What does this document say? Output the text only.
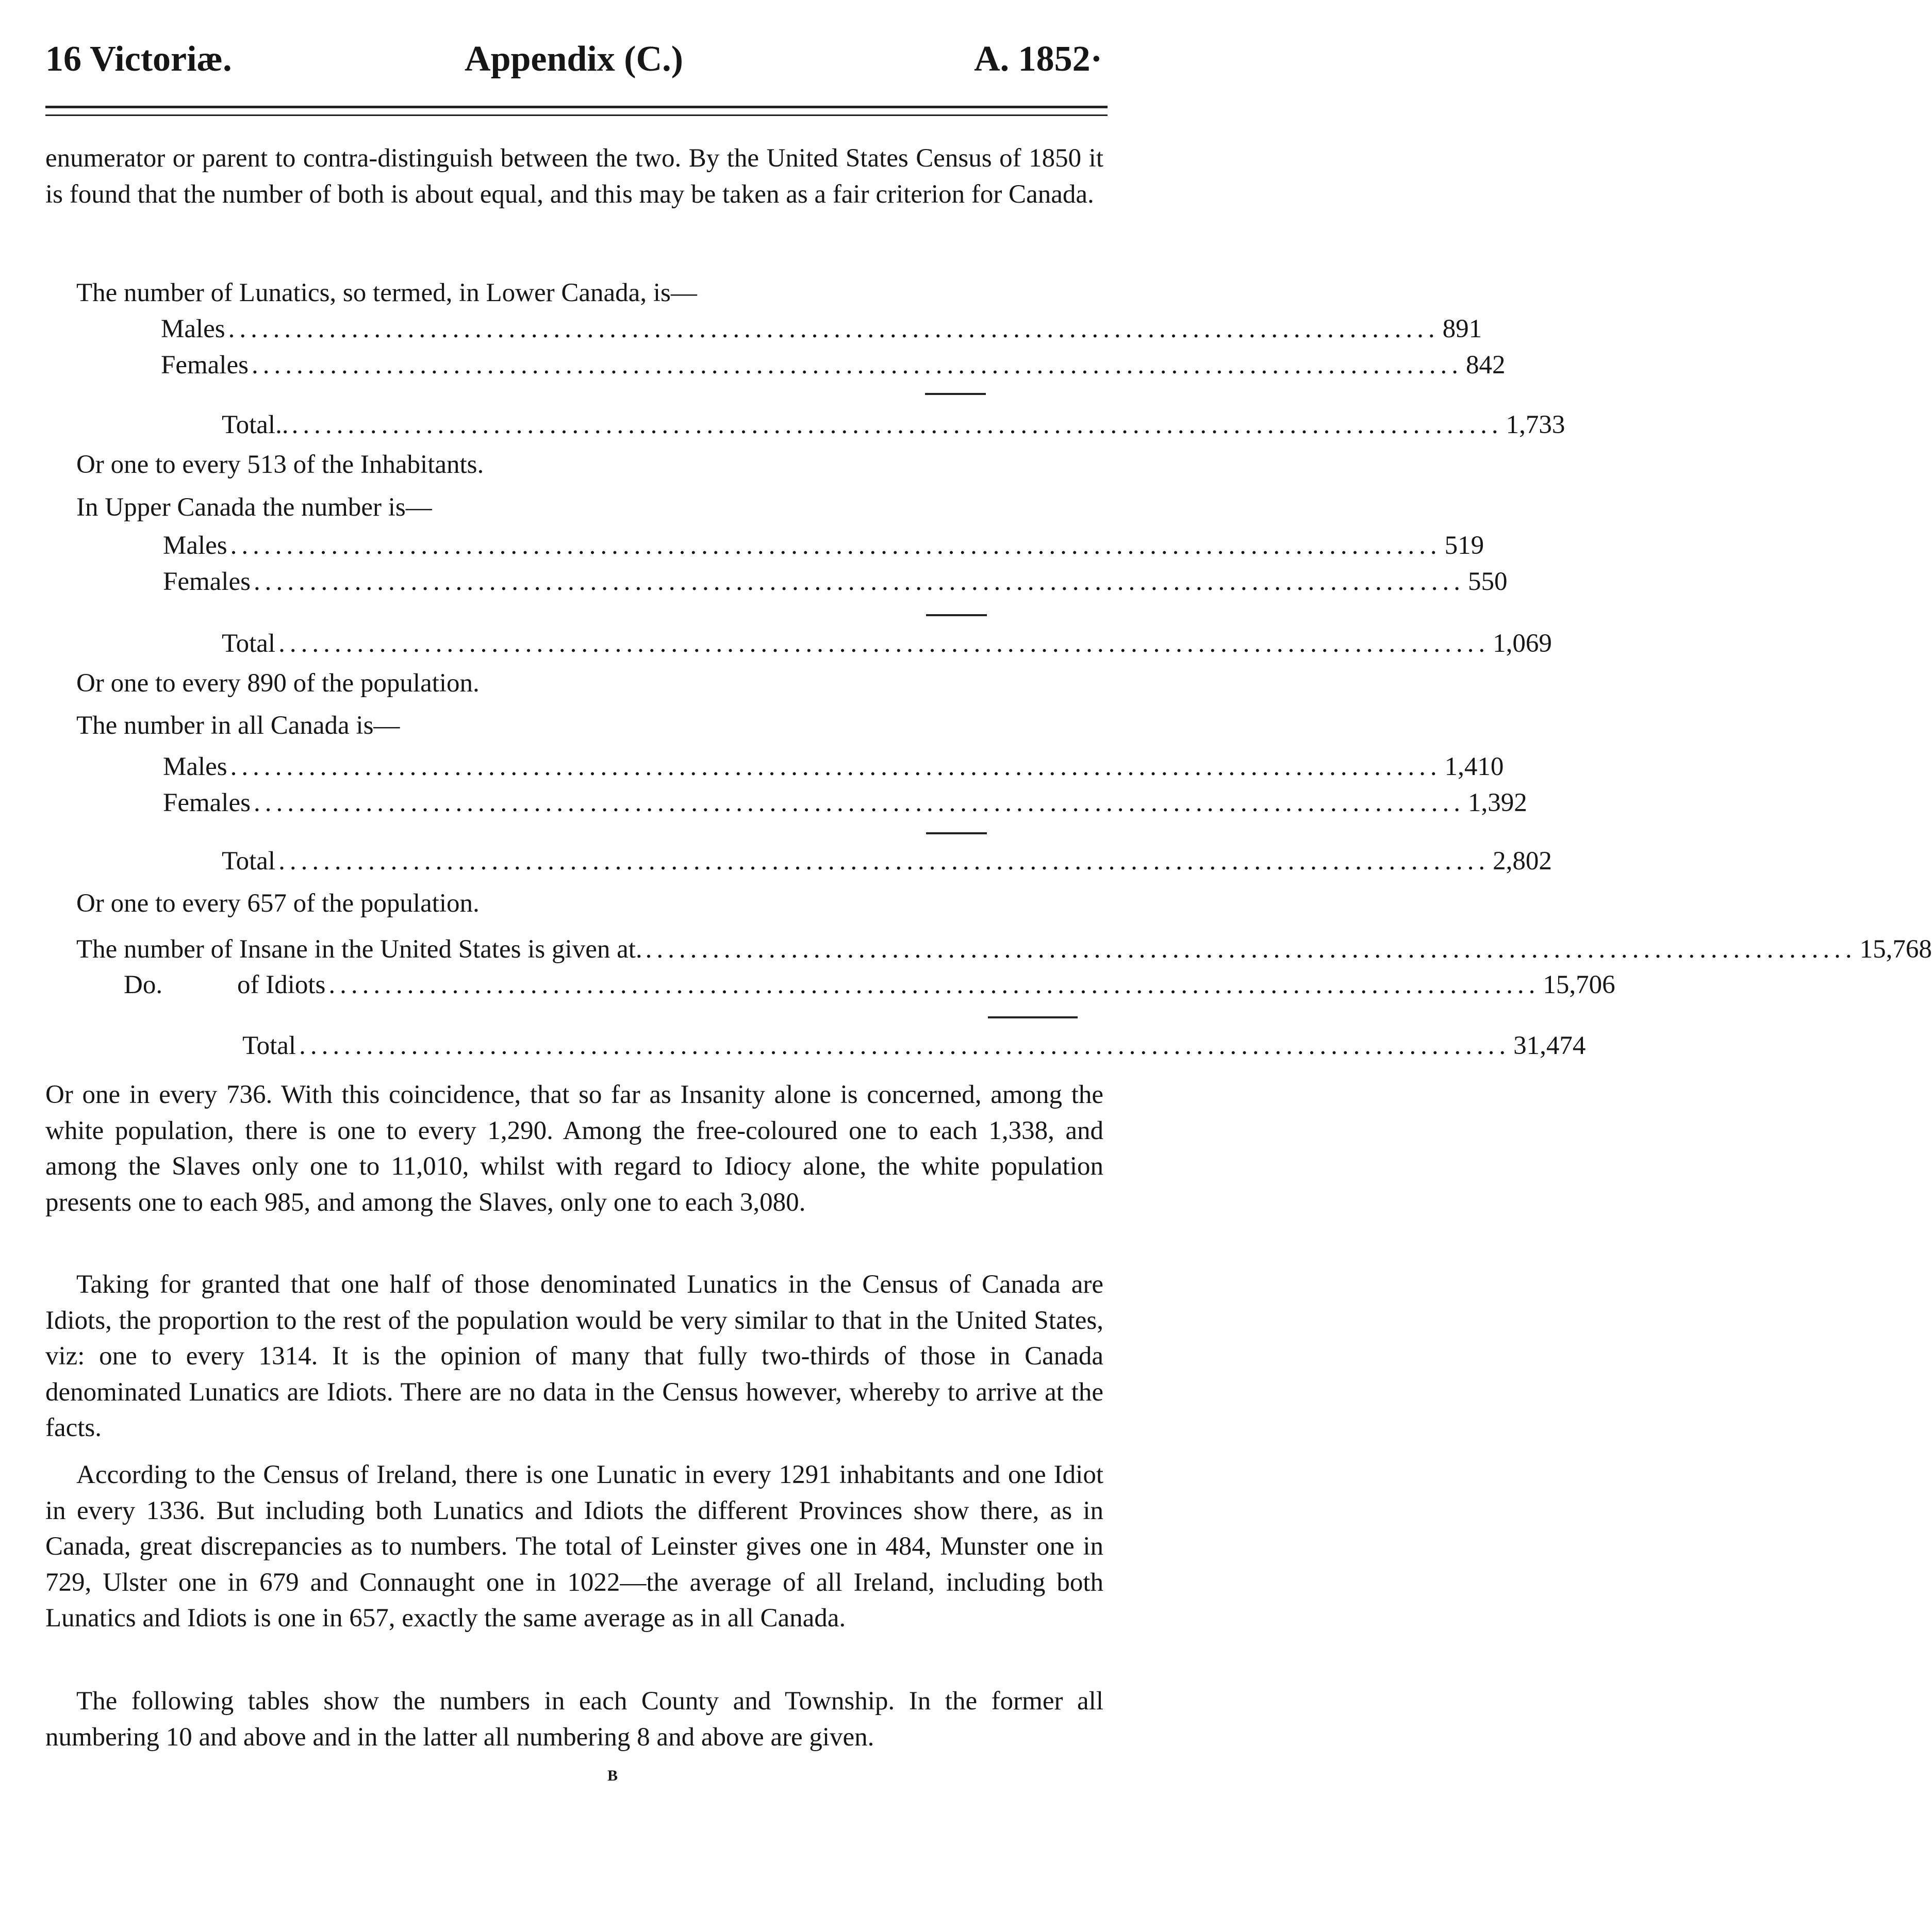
16 Victoriæ.	Appendix (C.)	A. 1852·

enumerator or parent to contra-distinguish between the two. By the United States Census of 1850 it is found that the number of both is about equal, and this may be taken as a fair criterion for Canada.

The number of Lunatics, so termed, in Lower Canada, is—
Males ............................................................................................................ 891
Females ............................................................................................................ 842
Total.. ............................................................................................................ 1,733
Or one to every 513 of the Inhabitants.
In Upper Canada the number is—
Males ............................................................................................................ 519
Females ............................................................................................................ 550
Total ............................................................................................................ 1,069
Or one to every 890 of the population.
The number in all Canada is—
Males ............................................................................................................ 1,410
Females ............................................................................................................ 1,392
Total ............................................................................................................ 2,802
Or one to every 657 of the population.
The number of Insane in the United States is given at. ............................................................................................................ 15,768
Do.	of Idiots ............................................................................................................ 15,706
Total ............................................................................................................ 31,474

Or one in every 736. With this coincidence, that so far as Insanity alone is concerned, among the white population, there is one to every 1,290. Among the free-coloured one to each 1,338, and among the Slaves only one to 11,010, whilst with regard to Idiocy alone, the white population presents one to each 985, and among the Slaves, only one to each 3,080.

Taking for granted that one half of those denominated Lunatics in the Census of Canada are Idiots, the proportion to the rest of the population would be very similar to that in the United States, viz: one to every 1314. It is the opinion of many that fully two-thirds of those in Canada denominated Lunatics are Idiots. There are no data in the Census however, whereby to arrive at the facts.

According to the Census of Ireland, there is one Lunatic in every 1291 inhabitants and one Idiot in every 1336. But including both Lunatics and Idiots the different Provinces show there, as in Canada, great discrepancies as to numbers. The total of Leinster gives one in 484, Munster one in 729, Ulster one in 679 and Connaught one in 1022—the average of all Ireland, including both Lunatics and Idiots is one in 657, exactly the same average as in all Canada.

The following tables show the numbers in each County and Township. In the former all numbering 10 and above and in the latter all numbering 8 and above are given.

B
